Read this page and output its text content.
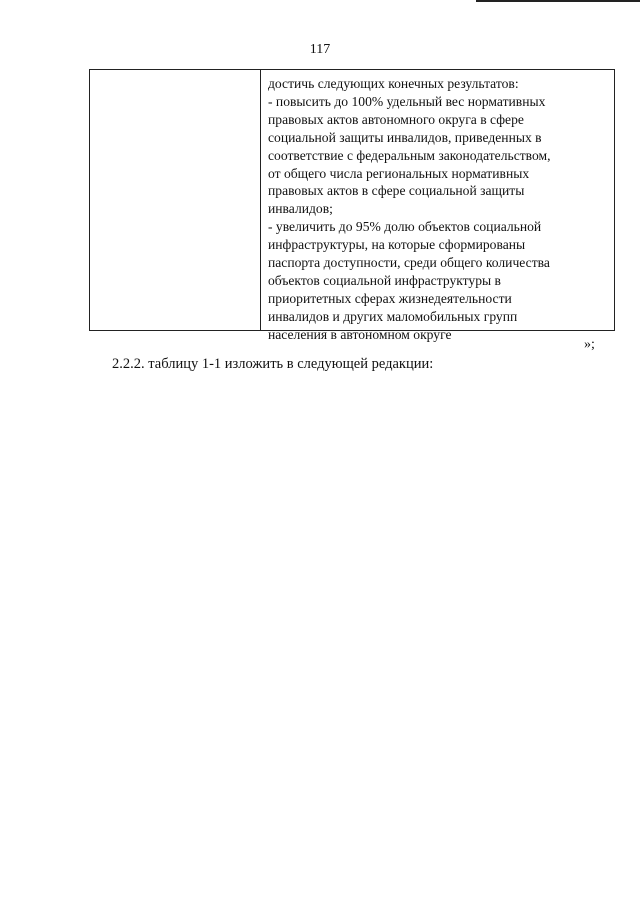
117
достичь следующих конечных результатов:
- повысить до 100% удельный вес нормативных
правовых актов автономного округа в сфере
социальной защиты инвалидов, приведенных в
соответствие с федеральным законодательством,
от общего числа региональных нормативных
правовых актов в сфере социальной защиты
инвалидов;
- увеличить до 95% долю объектов социальной
инфраструктуры, на которые сформированы
паспорта доступности, среди общего количества
объектов социальной инфраструктуры в
приоритетных сферах жизнедеятельности
инвалидов и других маломобильных групп
населения в автономном округе
»;
2.2.2. таблицу 1-1 изложить в следующей редакции:
